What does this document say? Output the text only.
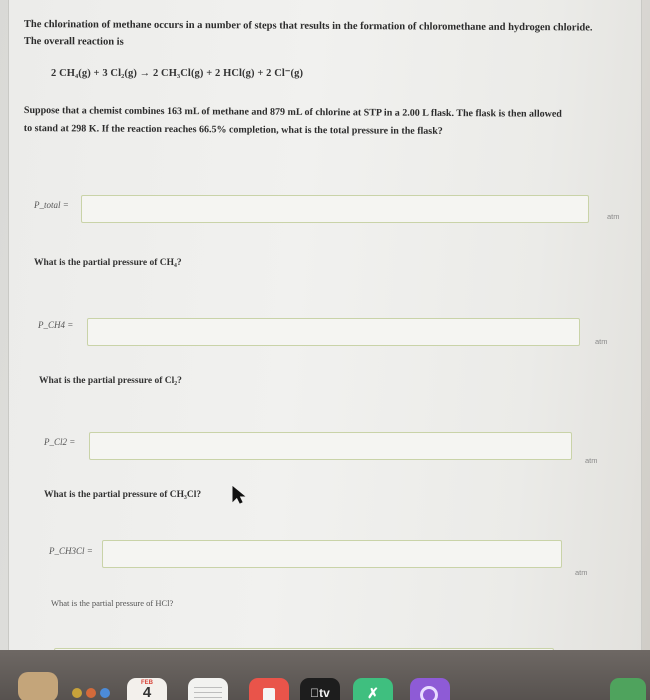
The chlorination of methane occurs in a number of steps that results in the formation of chloromethane and hydrogen chloride.
The overall reaction is
2 CH₄(g) + 3 Cl₂(g) → 2 CH₃Cl(g) + 2 HCl(g) + 2 Cl⁻(g)
Suppose that a chemist combines 163 mL of methane and 879 mL of chlorine at STP in a 2.00 L flask. The flask is then allowed
to stand at 298 K. If the reaction reaches 66.5% completion, what is the total pressure in the flask?
P_total =
atm
What is the partial pressure of CH₄?
P_CH4 =
atm
What is the partial pressure of Cl₂?
P_Cl2 =
atm
What is the partial pressure of CH₃Cl?
P_CH3Cl =
atm
What is the partial pressure of HCl?
FEB
4	tv	✗
